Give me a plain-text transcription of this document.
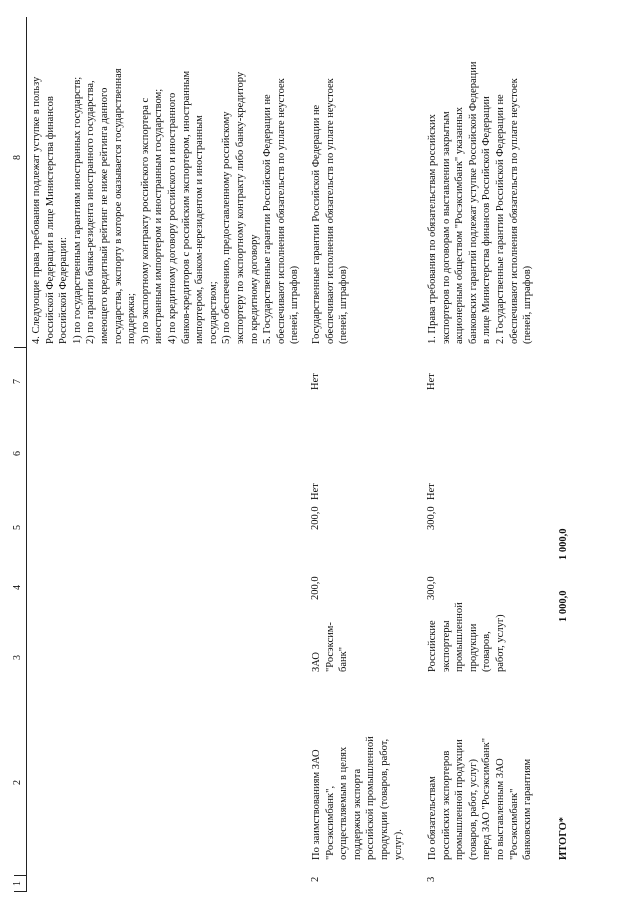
1
2
3
4
5
6
7
8
4. Следующие права требования подлежат уступке в пользу
Российской Федерации в лице Министерства финансов
Российской Федерации:
1) по государственным гарантиям иностранных государств;
2) по гарантии банка-резидента иностранного государства,
имеющего кредитный рейтинг не ниже рейтинга данного
государства, экспорту в которое оказывается государственная
поддержка;
3) по экспортному контракту российского экспортера с
иностранным импортером и иностранным государством;
4) по кредитному договору российского и иностранного
банков-кредиторов с российским экспортером, иностранным
импортером, банком-нерезидентом и иностранным
государством;
5) по обеспечению, предоставленному российскому
экспортеру по экспортному контракту либо банку-кредитору
по кредитному договору
5. Государственные гарантии Российской Федерации не
обеспечивают исполнения обязательств по уплате неустоек
(пеней, штрафов)
2
По заимствованиям ЗАО
"Росэксимбанк",
осуществляемым в целях
поддержки экспорта
российской промышленной
продукции (товаров, работ,
услуг).
ЗАО
"Росэксим-
банк"
200,0
200,0
Нет
Нет
Государственные гарантии Российской Федерации не
обеспечивают исполнения обязательств по уплате неустоек
(пеней, штрафов)
3
По обязательствам
российских экспортеров
промышленной продукции
(товаров, работ, услуг)
перед ЗАО "Росэксимбанк"
по выставленным ЗАО
"Росэксимбанк"
банковским гарантиям
Российские
экспортеры
промышленной
продукции
(товаров,
работ, услуг)
300,0
300,0
Нет
Нет
1. Права требования по обязательствам российских
экспортеров по договорам о выставлении закрытым
акционерным обществом "Росэксимбанк" указанных
банковских гарантий подлежат уступке Российской Федерации
в лице Министерства финансов Российской Федерации
2. Государственные гарантии Российской Федерации не
обеспечивают исполнения обязательств по уплате неустоек
(пеней, штрафов)
ИТОГО*
1 000,0
1 000,0
